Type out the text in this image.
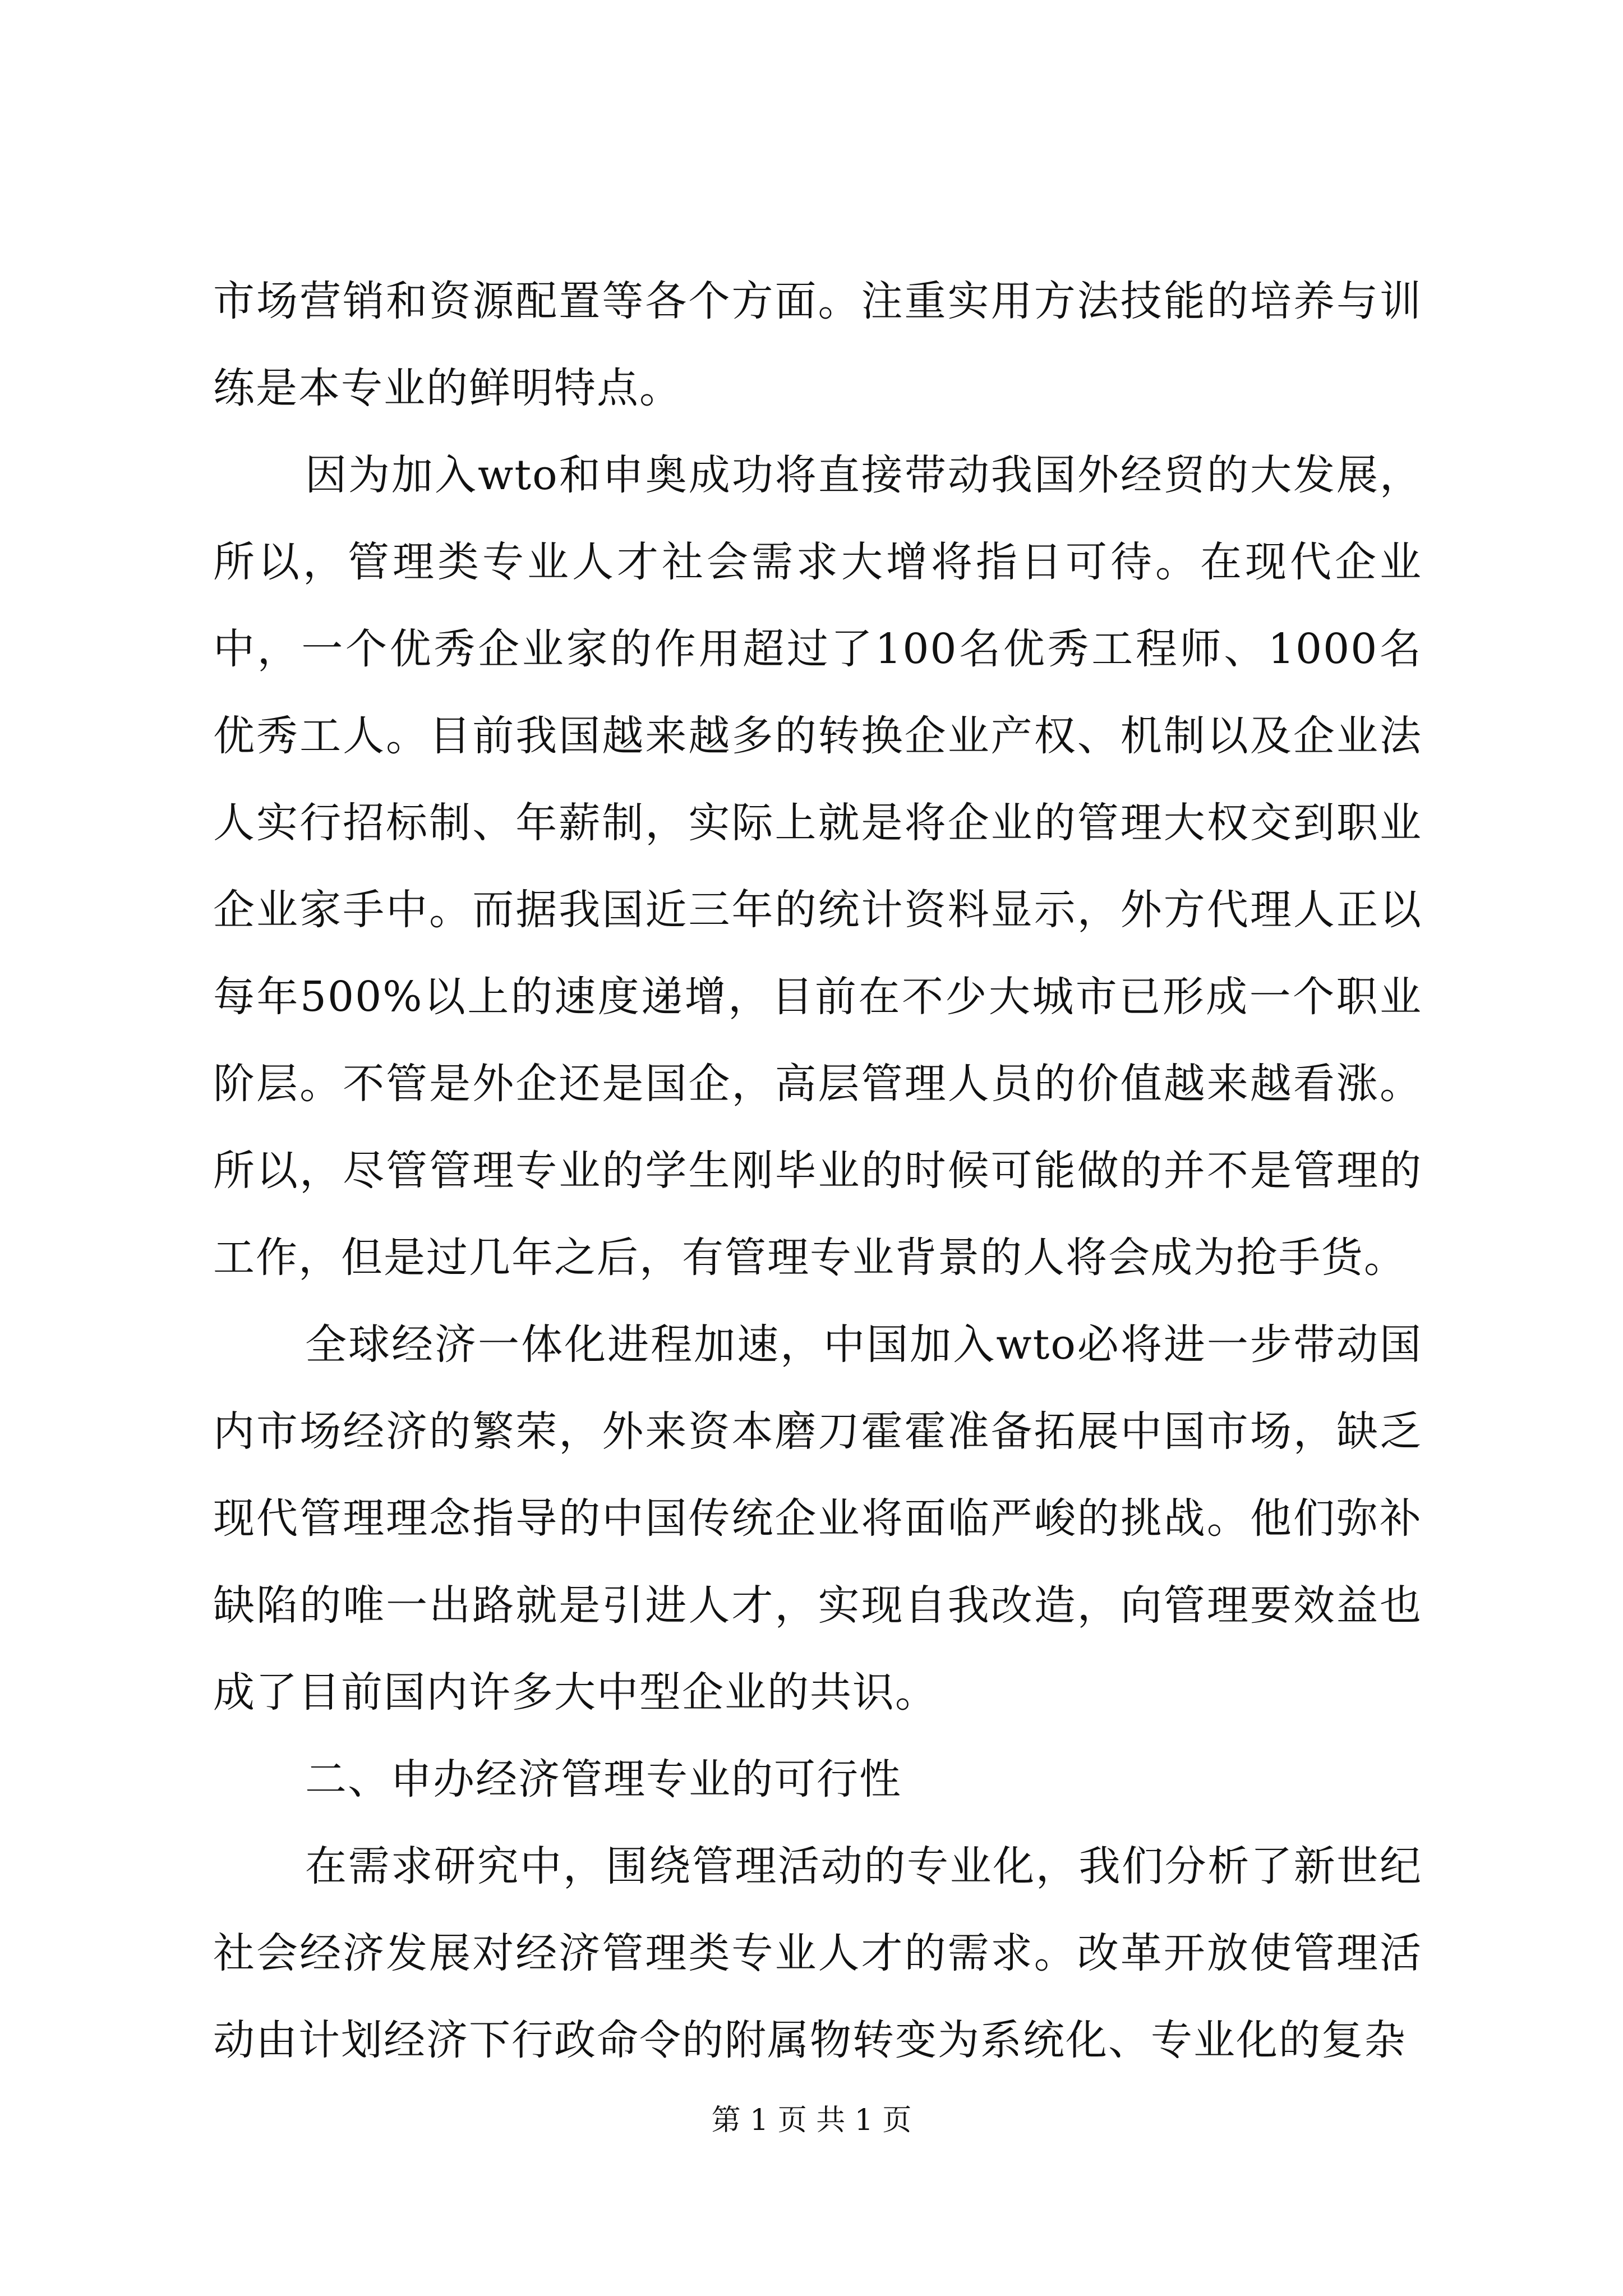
市场营销和资源配置等各个方面。注重实用方法技能的培养与训练是本专业的鲜明特点。

因为加入wto和申奥成功将直接带动我国外经贸的大发展，所以，管理类专业人才社会需求大增将指日可待。在现代企业中，一个优秀企业家的作用超过了100名优秀工程师、1000名优秀工人。目前我国越来越多的转换企业产权、机制以及企业法人实行招标制、年薪制，实际上就是将企业的管理大权交到职业企业家手中。而据我国近三年的统计资料显示，外方代理人正以每年500%以上的速度递增，目前在不少大城市已形成一个职业阶层。不管是外企还是国企，高层管理人员的价值越来越看涨。所以，尽管管理专业的学生刚毕业的时候可能做的并不是管理的工作，但是过几年之后，有管理专业背景的人将会成为抢手货。

全球经济一体化进程加速，中国加入wto必将进一步带动国内市场经济的繁荣，外来资本磨刀霍霍准备拓展中国市场，缺乏现代管理理念指导的中国传统企业将面临严峻的挑战。他们弥补缺陷的唯一出路就是引进人才，实现自我改造，向管理要效益也成了目前国内许多大中型企业的共识。

二、申办经济管理专业的可行性

在需求研究中，围绕管理活动的专业化，我们分析了新世纪社会经济发展对经济管理类专业人才的需求。改革开放使管理活动由计划经济下行政命令的附属物转变为系统化、专业化的复杂

第 1 页 共 1 页
